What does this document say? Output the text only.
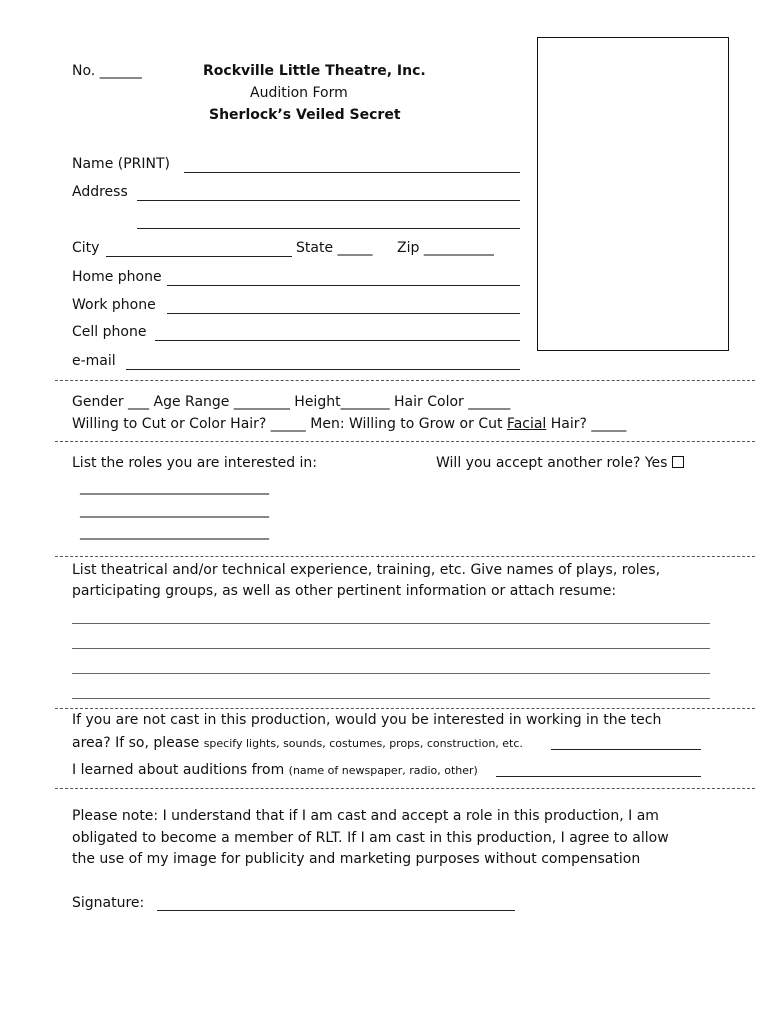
No. ______	Rockville Little Theatre, Inc.
Audition Form
Sherlock’s Veiled Secret
Name (PRINT)
Address
City	State _____ Zip __________
Home phone
Work phone
Cell phone
e-mail
Gender ___ Age Range ________ Height_______ Hair Color ______
Willing to Cut or Color Hair? _____ Men: Willing to Grow or Cut Facial Hair? _____
List the roles you are interested in:	Will you accept another role? Yes
___________________________
___________________________
___________________________
List theatrical and/or technical experience, training, etc. Give names of plays, roles,
participating groups, as well as other pertinent information or attach resume:
If you are not cast in this production, would you be interested in working in the tech
area? If so, please specify lights, sounds, costumes, props, construction, etc.
I learned about auditions from (name of newspaper, radio, other)
Please note: I understand that if I am cast and accept a role in this production, I am
obligated to become a member of RLT. If I am cast in this production, I agree to allow
the use of my image for publicity and marketing purposes without compensation
Signature:
